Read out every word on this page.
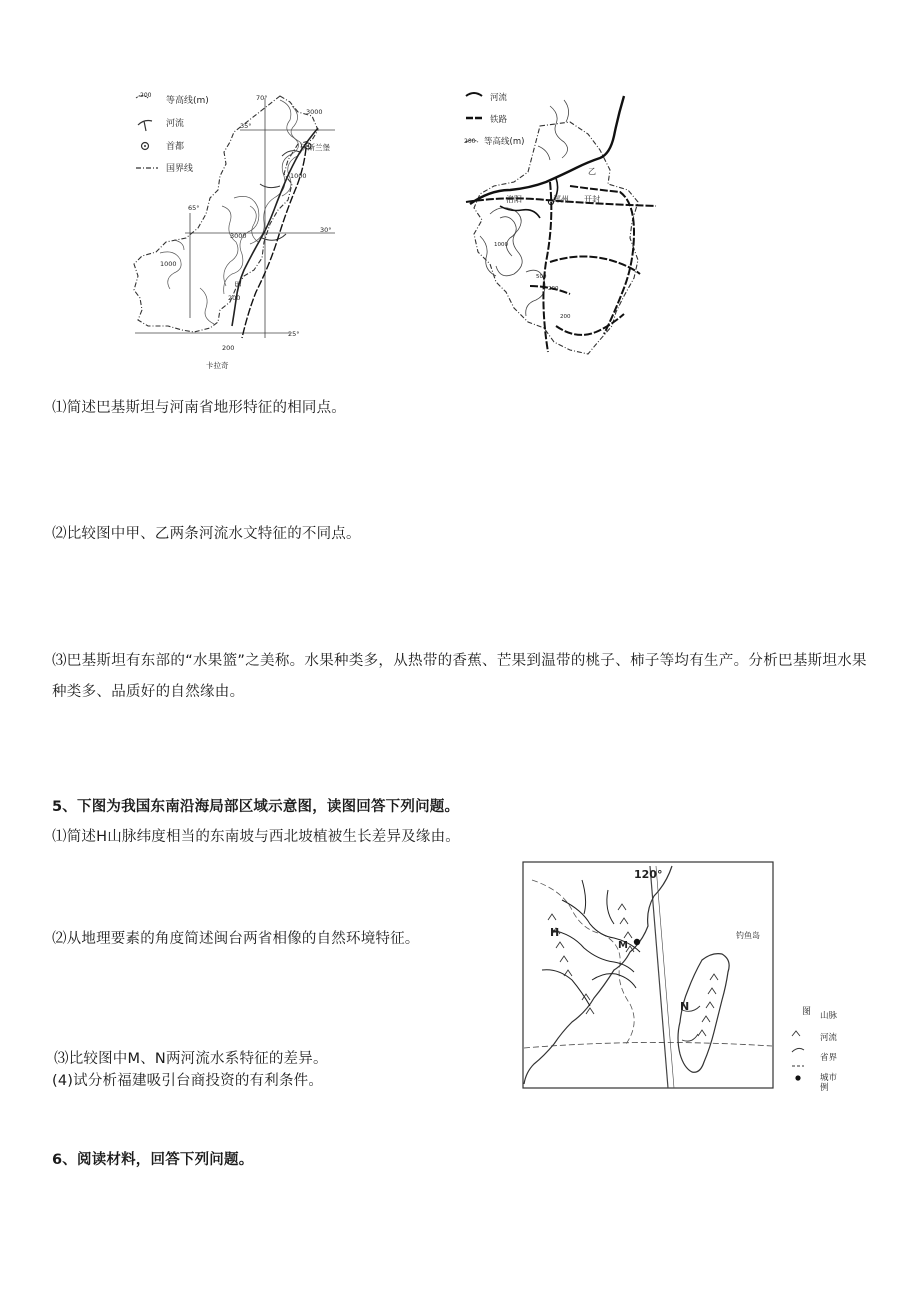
200
等高线(m)
河流
首都
国界线
70°
35°
65°
30°
25°
3000
伊斯兰堡
1000
3000
1000
200
200
卡拉奇
甲
河流
铁路
200 等高线(m)
乙
洛阳	郑州 开封
1000
500
200
200
⑴简述巴基斯坦与河南省地形特征的相同点。
⑵比较图中甲、乙两条河流水文特征的不同点。
⑶巴基斯坦有东部的“水果篮”之美称。水果种类多，从热带的香蕉、芒果到温带的桃子、柿子等均有生产。分析巴基斯坦水果种类多、品质好的自然缘由。
5、下图为我国东南沿海局部区域示意图，读图回答下列问题。
⑴简述H山脉纬度相当的东南坡与西北坡植被生长差异及缘由。
⑵从地理要素的角度简述闽台两省相像的自然环境特征。
⑶比较图中M、N两河流水系特征的差异。
(4)试分析福建吸引台商投资的有利条件。
120°
M
H
N
钓鱼岛
图 山脉
河流
省界
城市
例
6、阅读材料，回答下列问题。
